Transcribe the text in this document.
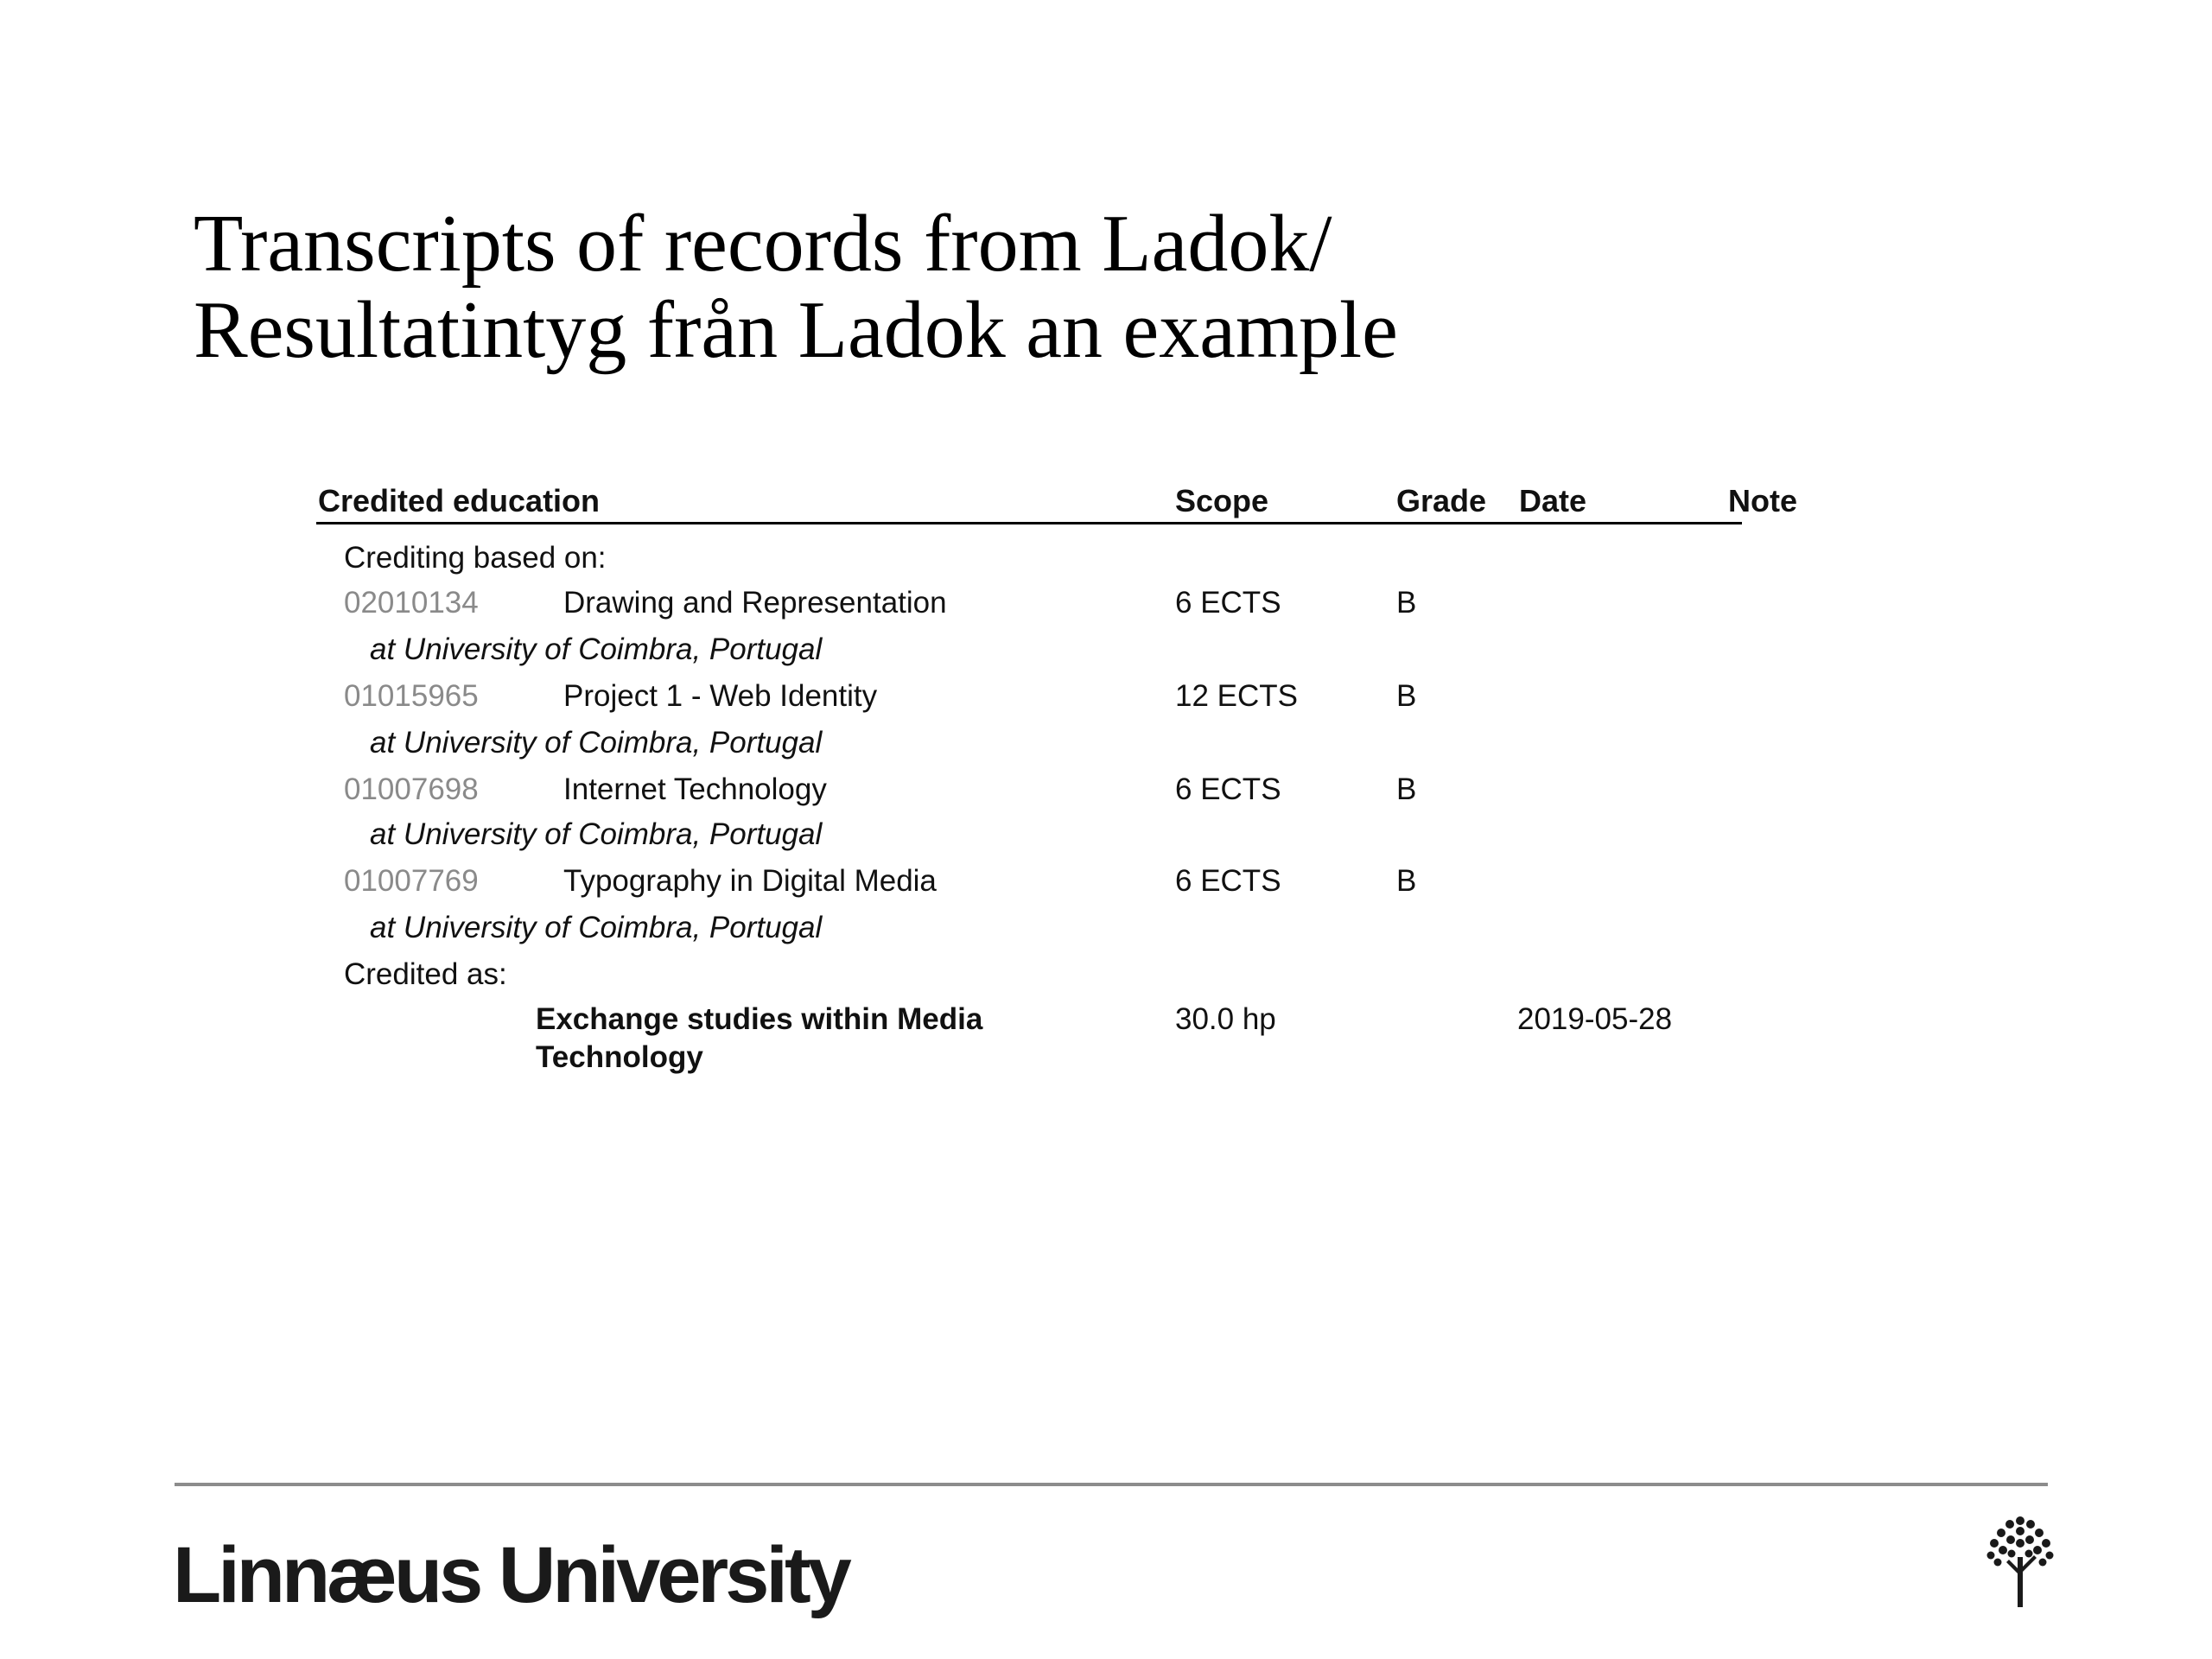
Transcripts of records from Ladok/
Resultatintyg från Ladok an example
Credited education	Scope	Grade Date	Note
Crediting based on:
02010134	Drawing and Representation	6 ECTS	B
at University of Coimbra, Portugal
01015965	Project 1 - Web Identity	12 ECTS	B
at University of Coimbra, Portugal
01007698	Internet Technology	6 ECTS	B
at University of Coimbra, Portugal
01007769	Typography in Digital Media	6 ECTS	B
at University of Coimbra, Portugal
Credited as:
Exchange studies within Media Technology
30.0 hp	2019-05-28
Linnæus University
